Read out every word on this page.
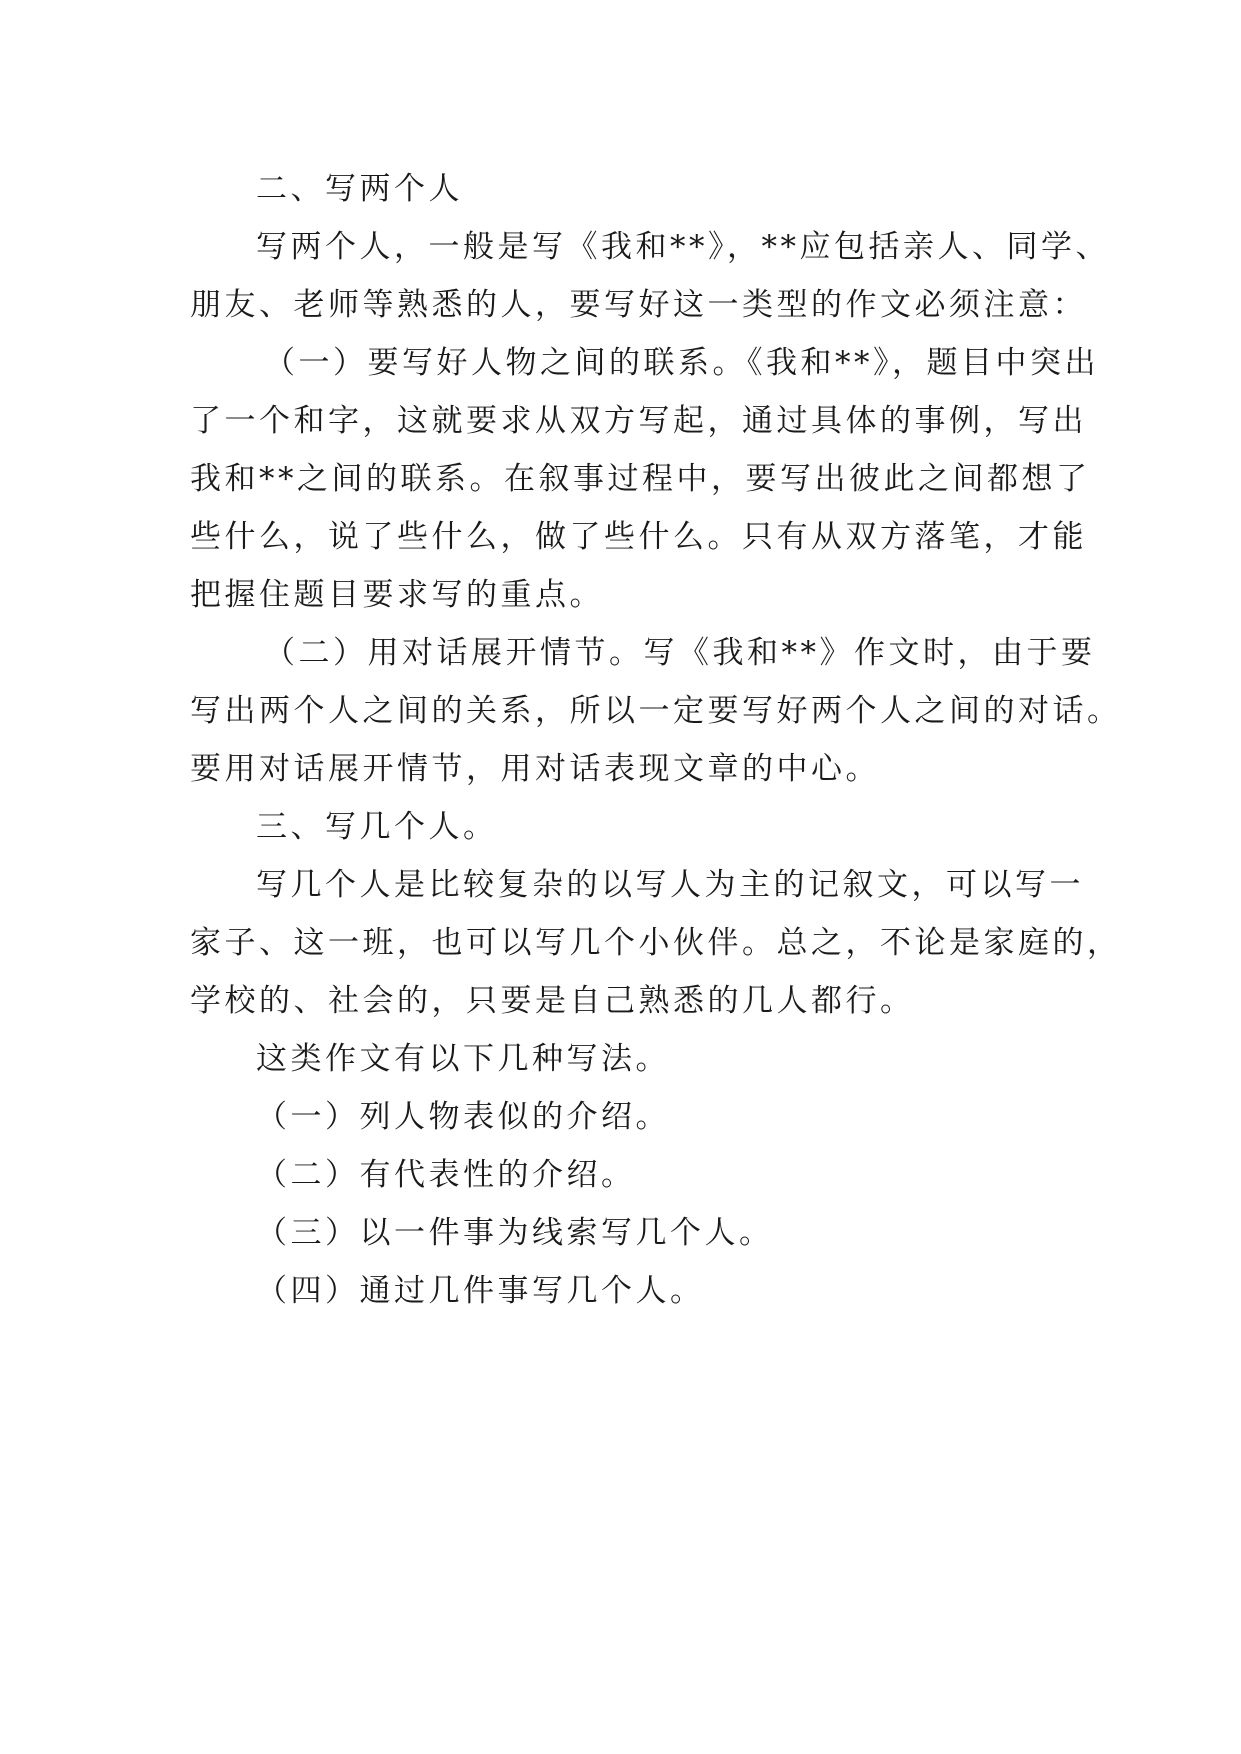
二、写两个人
写两个人，一般是写《我和**》，**应包括亲人、同学、
朋友、老师等熟悉的人，要写好这一类型的作文必须注意：
（一）要写好人物之间的联系。《我和**》，题目中突出
了一个和字，这就要求从双方写起，通过具体的事例，写出
我和**之间的联系。在叙事过程中，要写出彼此之间都想了
些什么，说了些什么，做了些什么。只有从双方落笔，才能
把握住题目要求写的重点。
（二）用对话展开情节。写《我和**》作文时，由于要
写出两个人之间的关系，所以一定要写好两个人之间的对话。
要用对话展开情节，用对话表现文章的中心。
三、写几个人。
写几个人是比较复杂的以写人为主的记叙文，可以写一
家子、这一班，也可以写几个小伙伴。总之，不论是家庭的，
学校的、社会的，只要是自己熟悉的几人都行。
这类作文有以下几种写法。
（一）列人物表似的介绍。
（二）有代表性的介绍。
（三）以一件事为线索写几个人。
（四）通过几件事写几个人。
